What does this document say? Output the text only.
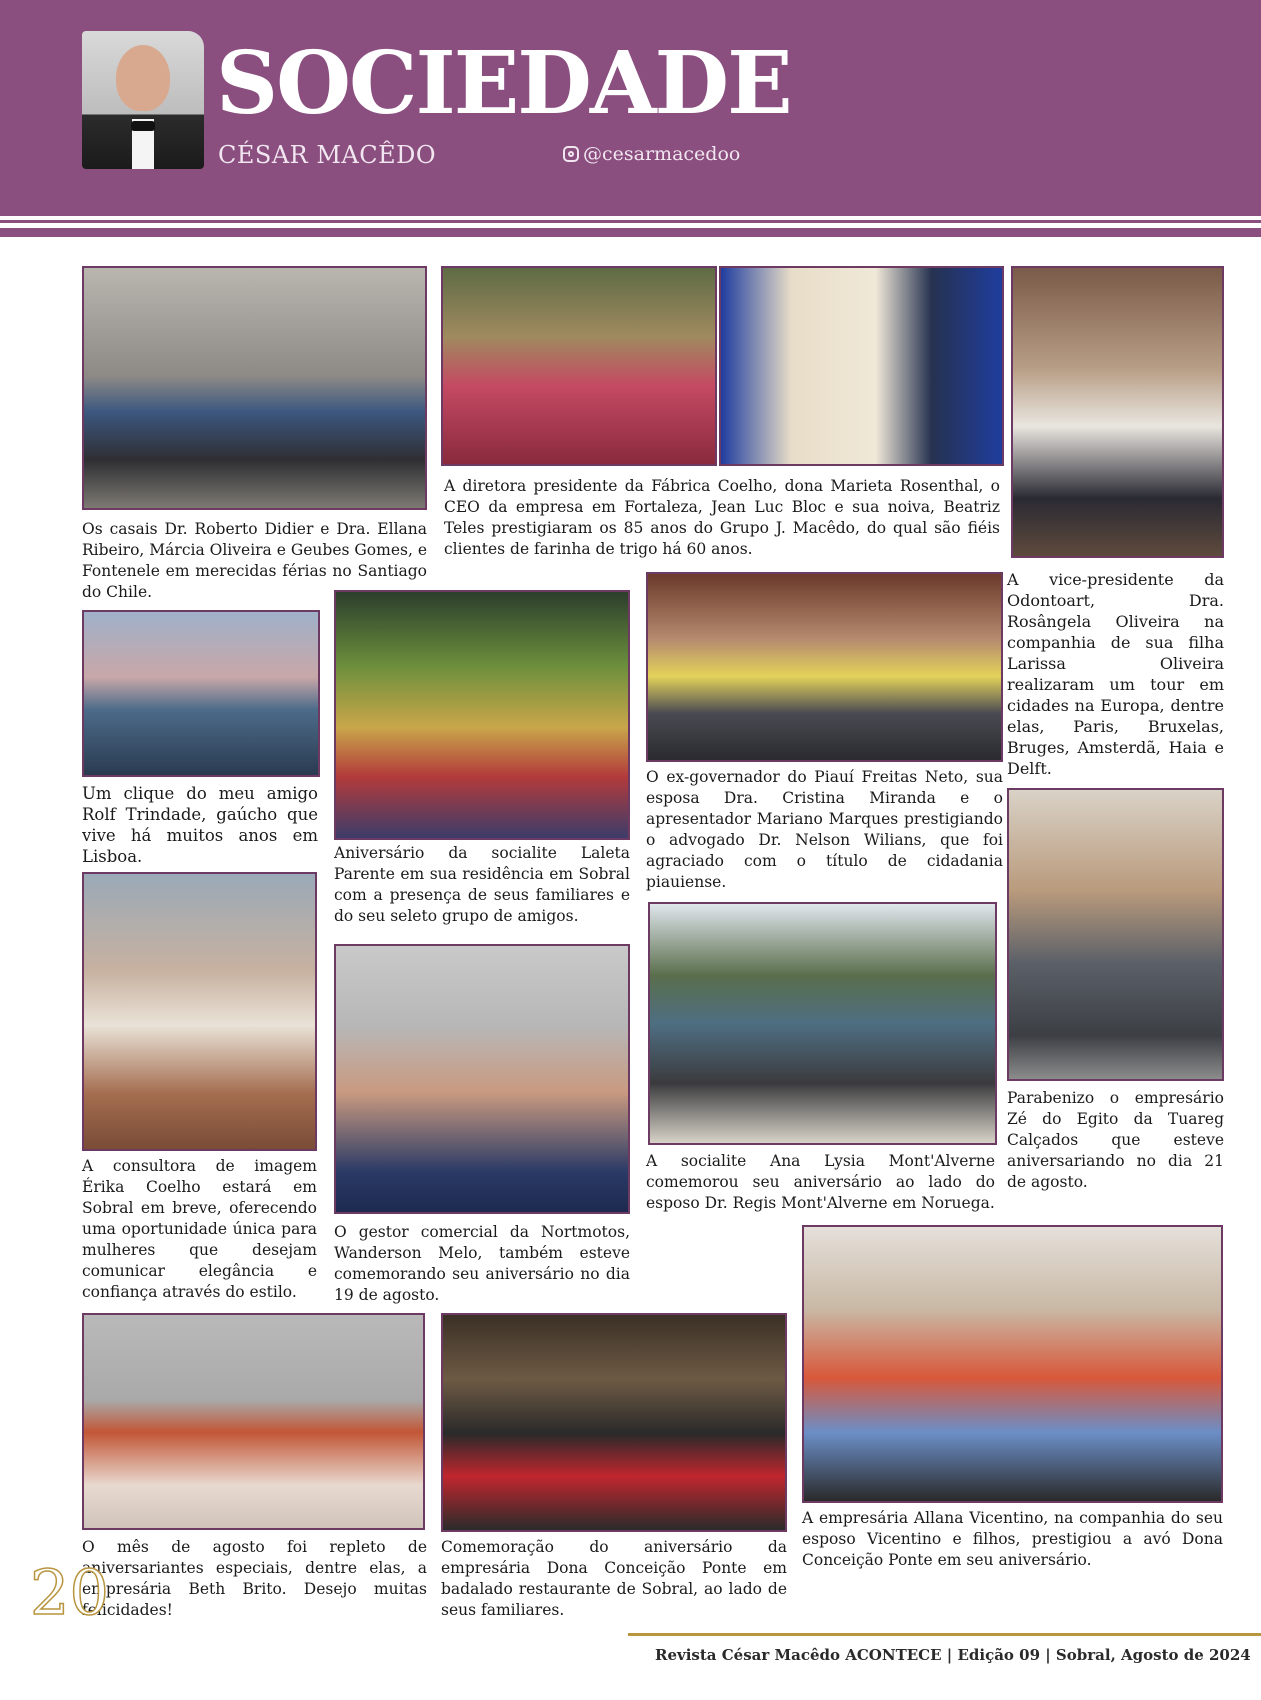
SOCIEDADE
CÉSAR MACÊDO	@cesarmacedoo

Os casais Dr. Roberto Didier e Dra. Ellana Ribeiro, Márcia Oliveira e Geubes Gomes, e Fontenele em merecidas férias no Santiago do Chile.

A diretora presidente da Fábrica Coelho, dona Marieta Rosenthal, o CEO da empresa em Fortaleza, Jean Luc Bloc e sua noiva, Beatriz Teles prestigiaram os 85 anos do Grupo J. Macêdo, do qual são fiéis clientes de farinha de trigo há 60 anos.

A vice-presidente da Odontoart, Dra. Rosângela Oliveira na companhia de sua filha Larissa Oliveira realizaram um tour em cidades na Europa, dentre elas, Paris, Bruxelas, Bruges, Amsterdã, Haia e Delft.

Um clique do meu amigo Rolf Trindade, gaúcho que vive há muitos anos em Lisboa.	Aniversário da socialite Laleta Parente em sua residência em Sobral com a presença de seus familiares e do seu seleto grupo de amigos.

O ex-governador do Piauí Freitas Neto, sua esposa Dra. Cristina Miranda e o apresentador Mariano Marques prestigiando o advogado Dr. Nelson Wilians, que foi agraciado com o título de cidadania piauiense.

Parabenizo o empresário Zé do Egito da Tuareg Calçados que esteve aniversariando no dia 21 de agosto.

A consultora de imagem Érika Coelho estará em Sobral em breve, oferecendo uma oportunidade única para mulheres que desejam comunicar elegância e confiança através do estilo.

O gestor comercial da Nortmotos, Wanderson Melo, também esteve comemorando seu aniversário no dia 19 de agosto.

A socialite Ana Lysia Mont'Alverne comemorou seu aniversário ao lado do esposo Dr. Regis Mont'Alverne em Noruega.

O mês de agosto foi repleto de aniversariantes especiais, dentre elas, a empresária Beth Brito. Desejo muitas felicidades!

Comemoração do aniversário da empresária Dona Conceição Ponte em badalado restaurante de Sobral, ao lado de seus familiares.

A empresária Allana Vicentino, na companhia do seu esposo Vicentino e filhos, prestigiou a avó Dona Conceição Ponte em seu aniversário.

20
Revista César Macêdo ACONTECE | Edição 09 | Sobral, Agosto de 2024
